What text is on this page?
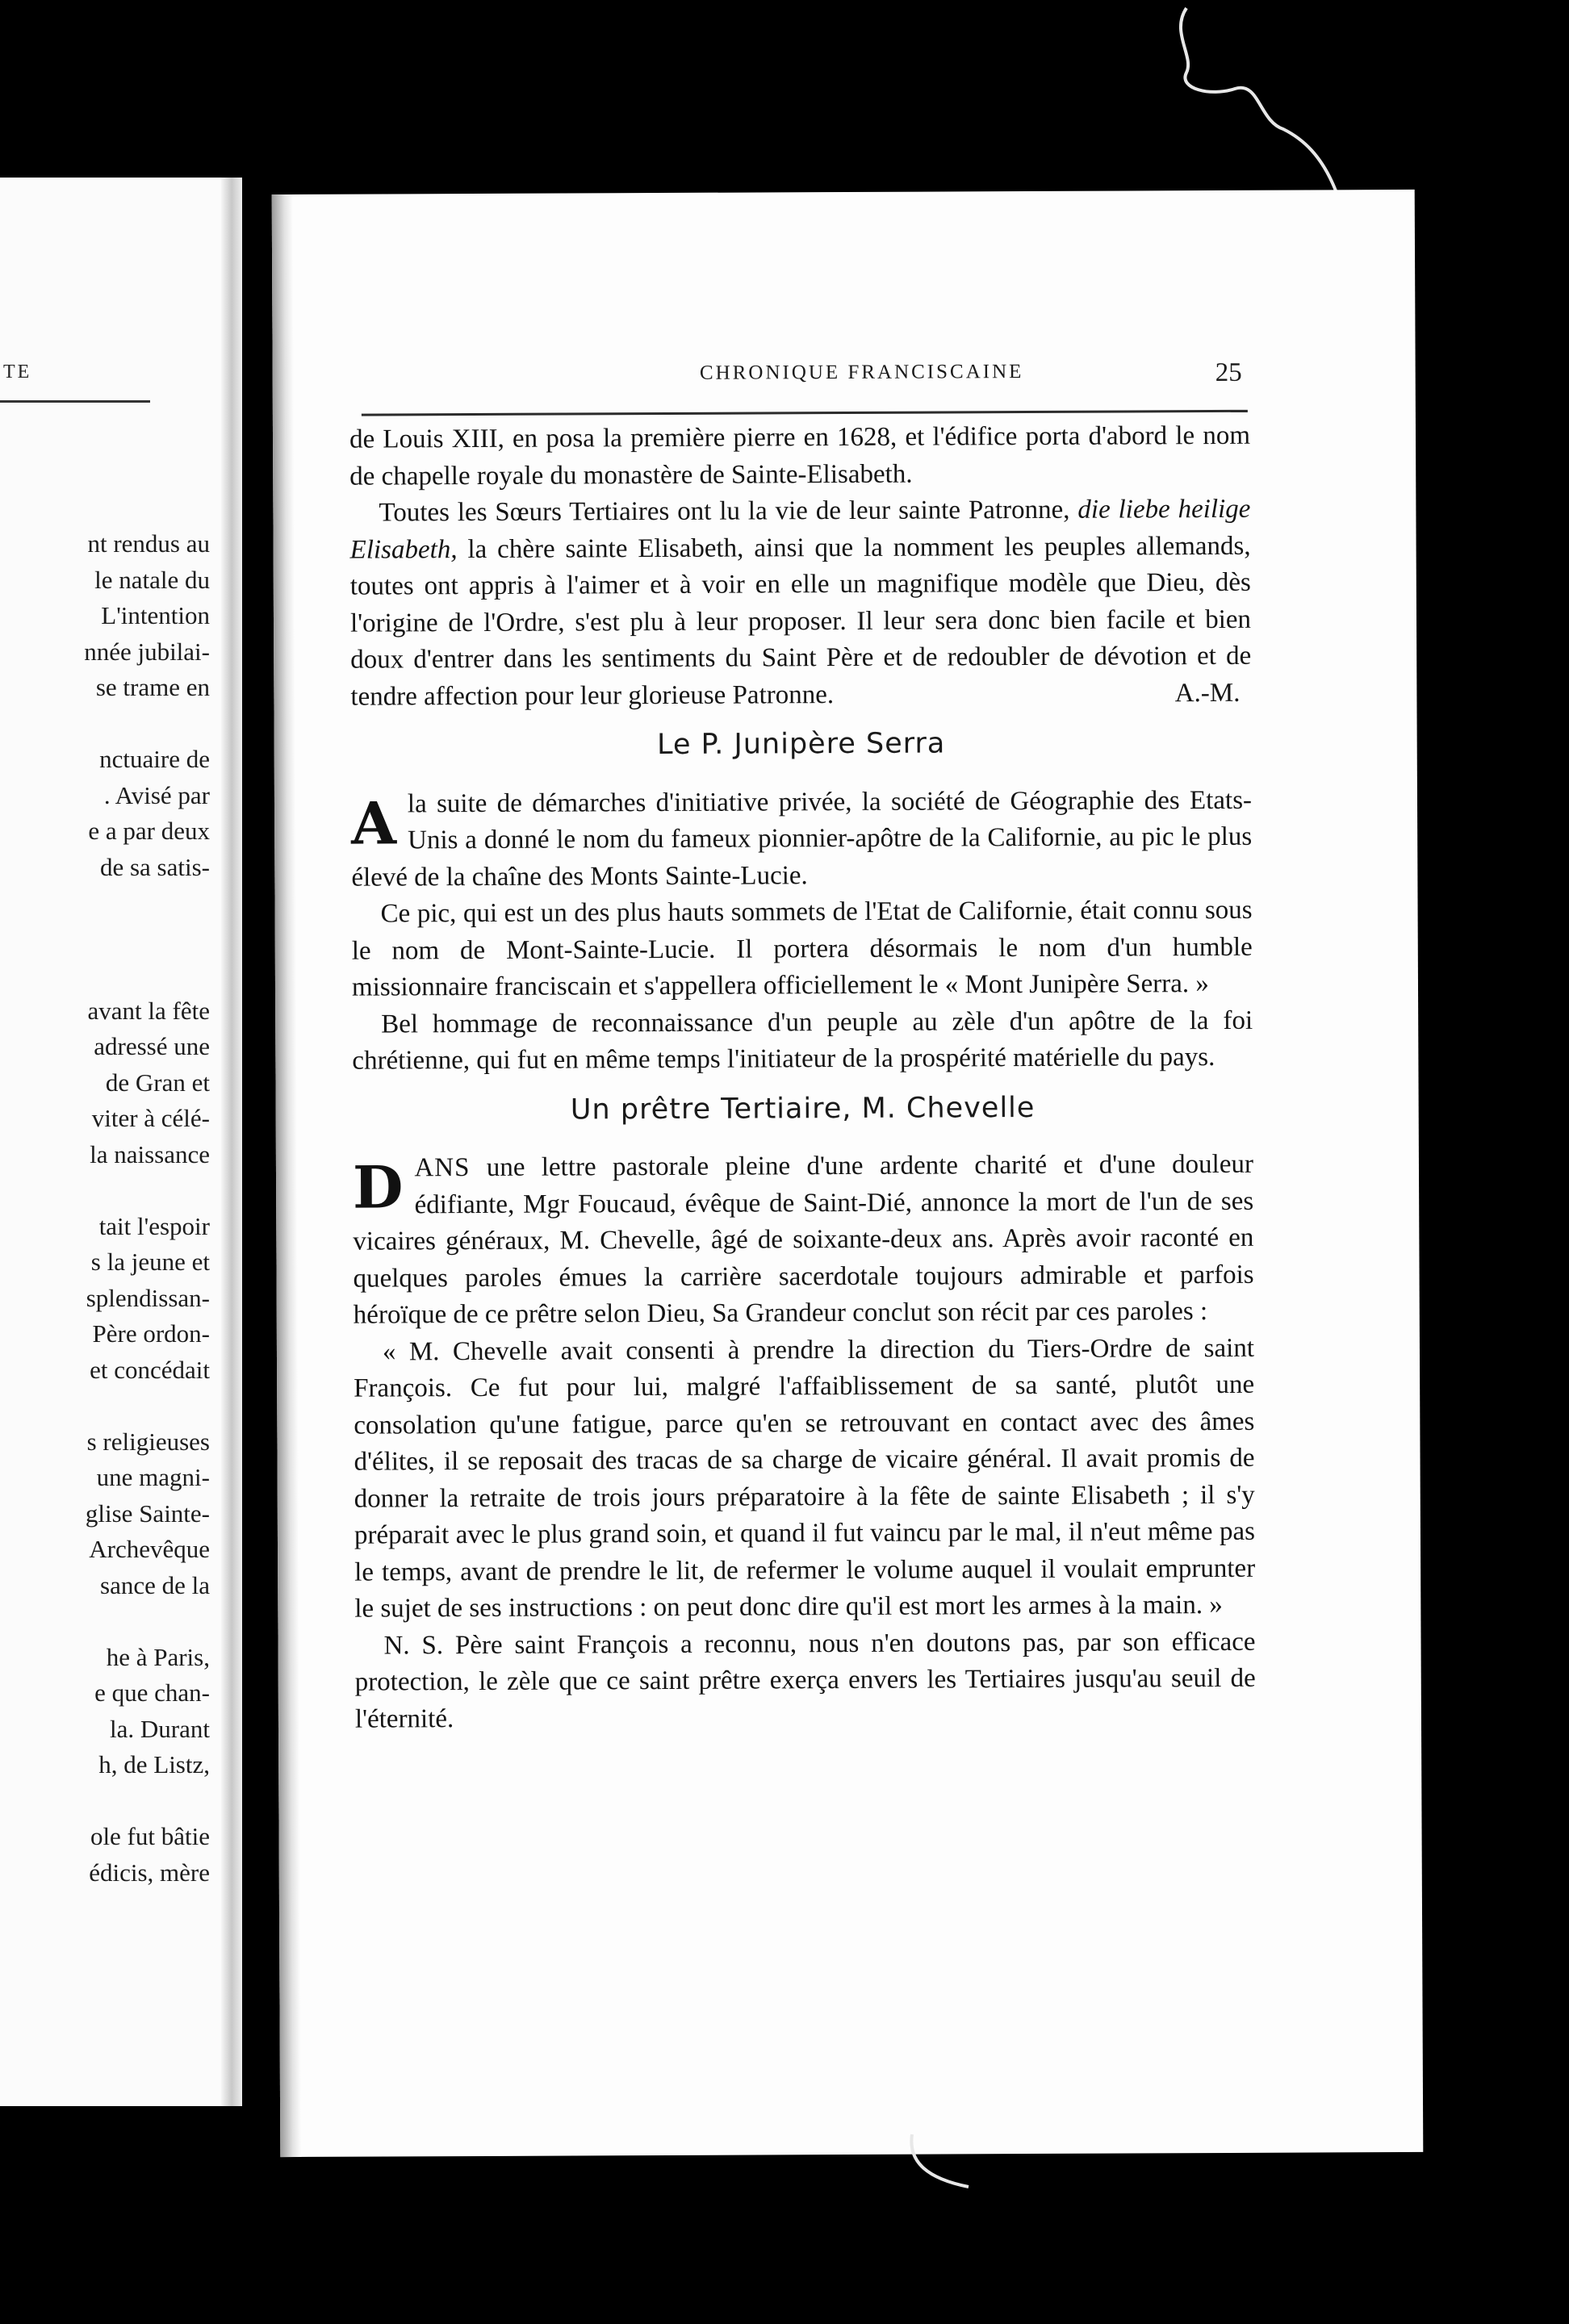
TE
nt rendus au
le natale du
L'intention
nnée jubilai-
se trame en
nctuaire de
. Avisé par
e a par deux
de sa satis-
avant la fête
adressé une
de Gran et
viter à célé-
la naissance
tait l'espoir
s la jeune et
splendissan-
Père ordon-
et concédait
s religieuses
une magni-
glise Sainte-
Archevêque
sance de la
he à Paris,
e que chan-
la. Durant
h, de Listz,
ole fut bâtie
édicis, mère
CHRONIQUE FRANCISCAINE	25

de Louis XIII, en posa la première pierre en 1628, et l'édifice porta d'abord le nom de chapelle royale du monastère de Sainte-Elisabeth.

Toutes les Sœurs Tertiaires ont lu la vie de leur sainte Patronne, die liebe heilige Elisabeth, la chère sainte Elisabeth, ainsi que la nomment les peuples allemands, toutes ont appris à l'aimer et à voir en elle un magnifique modèle que Dieu, dès l'origine de l'Ordre, s'est plu à leur proposer. Il leur sera donc bien facile et bien doux d'entrer dans les sentiments du Saint Père et de redoubler de dévotion et de tendre affection pour leur glorieuse Patronne.	A.-M.

Le P. Junipère Serra

Ala suite de démarches d'initiative privée, la société de Géographie des Etats-Unis a donné le nom du fameux pionnier-apôtre de la Californie, au pic le plus élevé de la chaîne des Monts Sainte-Lucie.

Ce pic, qui est un des plus hauts sommets de l'Etat de Californie, était connu sous le nom de Mont-Sainte-Lucie. Il portera désormais le nom d'un humble missionnaire franciscain et s'appellera officiellement le « Mont Junipère Serra. »

Bel hommage de reconnaissance d'un peuple au zèle d'un apôtre de la foi chrétienne, qui fut en même temps l'initiateur de la prospérité matérielle du pays.

Un prêtre Tertiaire, M. Chevelle

DANS une lettre pastorale pleine d'une ardente charité et d'une douleur édifiante, Mgr Foucaud, évêque de Saint-Dié, annonce la mort de l'un de ses vicaires généraux, M. Chevelle, âgé de soixante-deux ans. Après avoir raconté en quelques paroles émues la carrière sacerdotale toujours admirable et parfois héroïque de ce prêtre selon Dieu, Sa Grandeur conclut son récit par ces paroles :

« M. Chevelle avait consenti à prendre la direction du Tiers-Ordre de saint François. Ce fut pour lui, malgré l'affaiblissement de sa santé, plutôt une consolation qu'une fatigue, parce qu'en se retrouvant en contact avec des âmes d'élites, il se reposait des tracas de sa charge de vicaire général. Il avait promis de donner la retraite de trois jours préparatoire à la fête de sainte Elisabeth ; il s'y préparait avec le plus grand soin, et quand il fut vaincu par le mal, il n'eut même pas le temps, avant de prendre le lit, de refermer le volume auquel il voulait emprunter le sujet de ses instructions : on peut donc dire qu'il est mort les armes à la main. »

N. S. Père saint François a reconnu, nous n'en doutons pas, par son efficace protection, le zèle que ce saint prêtre exerça envers les Tertiaires jusqu'au seuil de l'éternité.
